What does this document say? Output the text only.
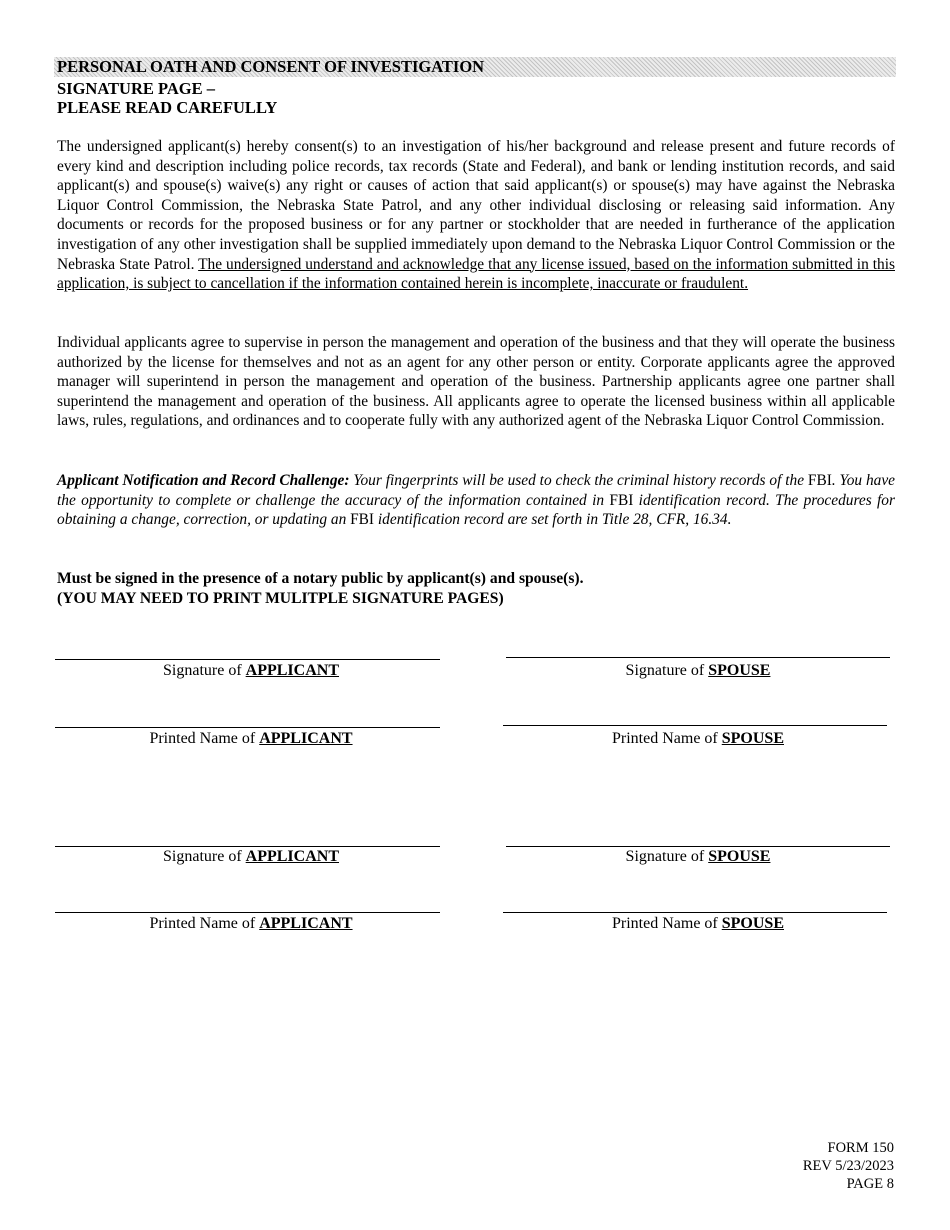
PERSONAL OATH AND CONSENT OF INVESTIGATION
SIGNATURE PAGE –
PLEASE READ CAREFULLY

The undersigned applicant(s) hereby consent(s) to an investigation of his/her background and release present and future records of every kind and description including police records, tax records (State and Federal), and bank or lending institution records, and said applicant(s) and spouse(s) waive(s) any right or causes of action that said applicant(s) or spouse(s) may have against the Nebraska Liquor Control Commission, the Nebraska State Patrol, and any other individual disclosing or releasing said information. Any documents or records for the proposed business or for any partner or stockholder that are needed in furtherance of the application investigation of any other investigation shall be supplied immediately upon demand to the Nebraska Liquor Control Commission or the Nebraska State Patrol. The undersigned understand and acknowledge that any license issued, based on the information submitted in this application, is subject to cancellation if the information contained herein is incomplete, inaccurate or fraudulent.

Individual applicants agree to supervise in person the management and operation of the business and that they will operate the business authorized by the license for themselves and not as an agent for any other person or entity. Corporate applicants agree the approved manager will superintend in person the management and operation of the business. Partnership applicants agree one partner shall superintend the management and operation of the business. All applicants agree to operate the licensed business within all applicable laws, rules, regulations, and ordinances and to cooperate fully with any authorized agent of the Nebraska Liquor Control Commission.

Applicant Notification and Record Challenge: Your fingerprints will be used to check the criminal history records of the FBI. You have the opportunity to complete or challenge the accuracy of the information contained in FBI identification record. The procedures for obtaining a change, correction, or updating an FBI identification record are set forth in Title 28, CFR, 16.34.

Must be signed in the presence of a notary public by applicant(s) and spouse(s).
(YOU MAY NEED TO PRINT MULITPLE SIGNATURE PAGES)
Signature of APPLICANT	Signature of SPOUSE
Printed Name of APPLICANT	Printed Name of SPOUSE
Signature of APPLICANT	Signature of SPOUSE
Printed Name of APPLICANT	Printed Name of SPOUSE
FORM 150
REV 5/23/2023
PAGE 8
